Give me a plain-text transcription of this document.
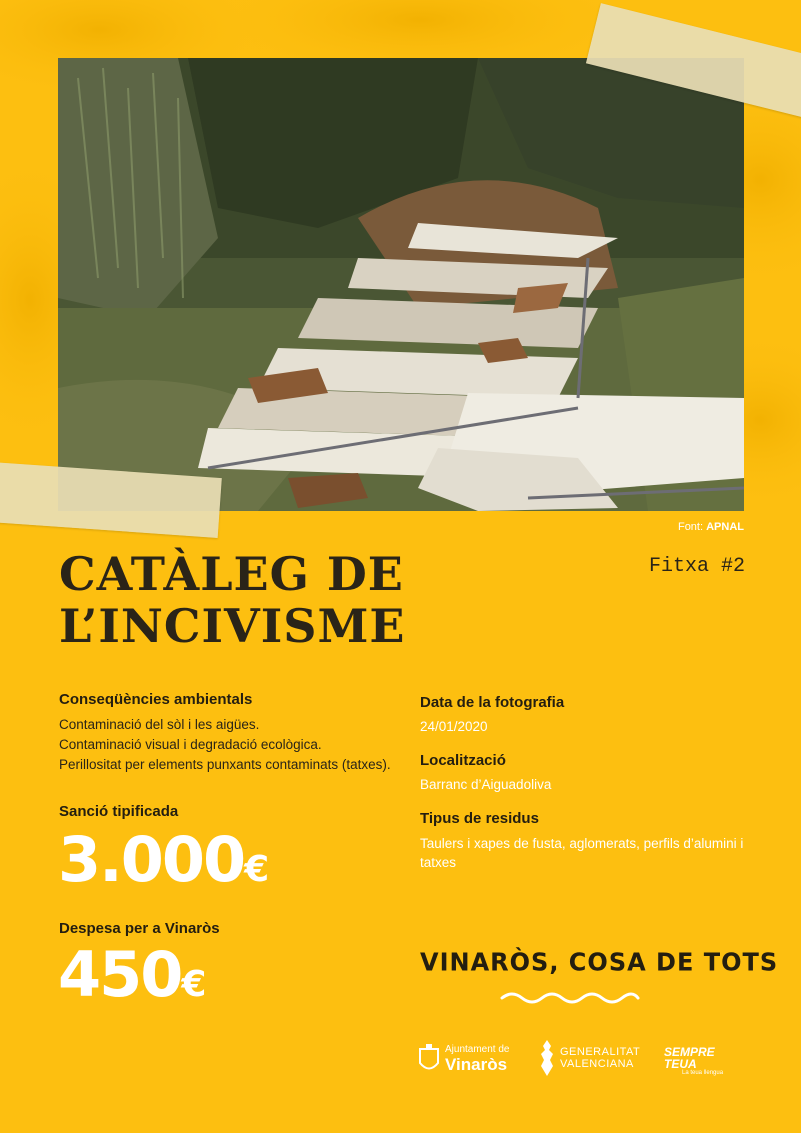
Font: APNAL
CATÀLEG DE
L’INCIVISME
Fitxa #2
Conseqüències ambientals
Contaminació del sòl i les aigües.
Contaminació visual i degradació ecològica.
Perillositat per elements punxants contaminats (tatxes).
Sanció tipificada
3.000€
Despesa per a Vinaròs
450€
Data de la fotografia
24/01/2020
Localització
Barranc d’Aiguadoliva
Tipus de residus
Taulers i xapes de fusta, aglomerats, perfils d’alumini i tatxes
VINARÒS, COSA DE TOTS
Ajuntament de
Vinaròs
GENERALITAT
VALENCIANA
SEMPRE
TEUA
La teua llengua
